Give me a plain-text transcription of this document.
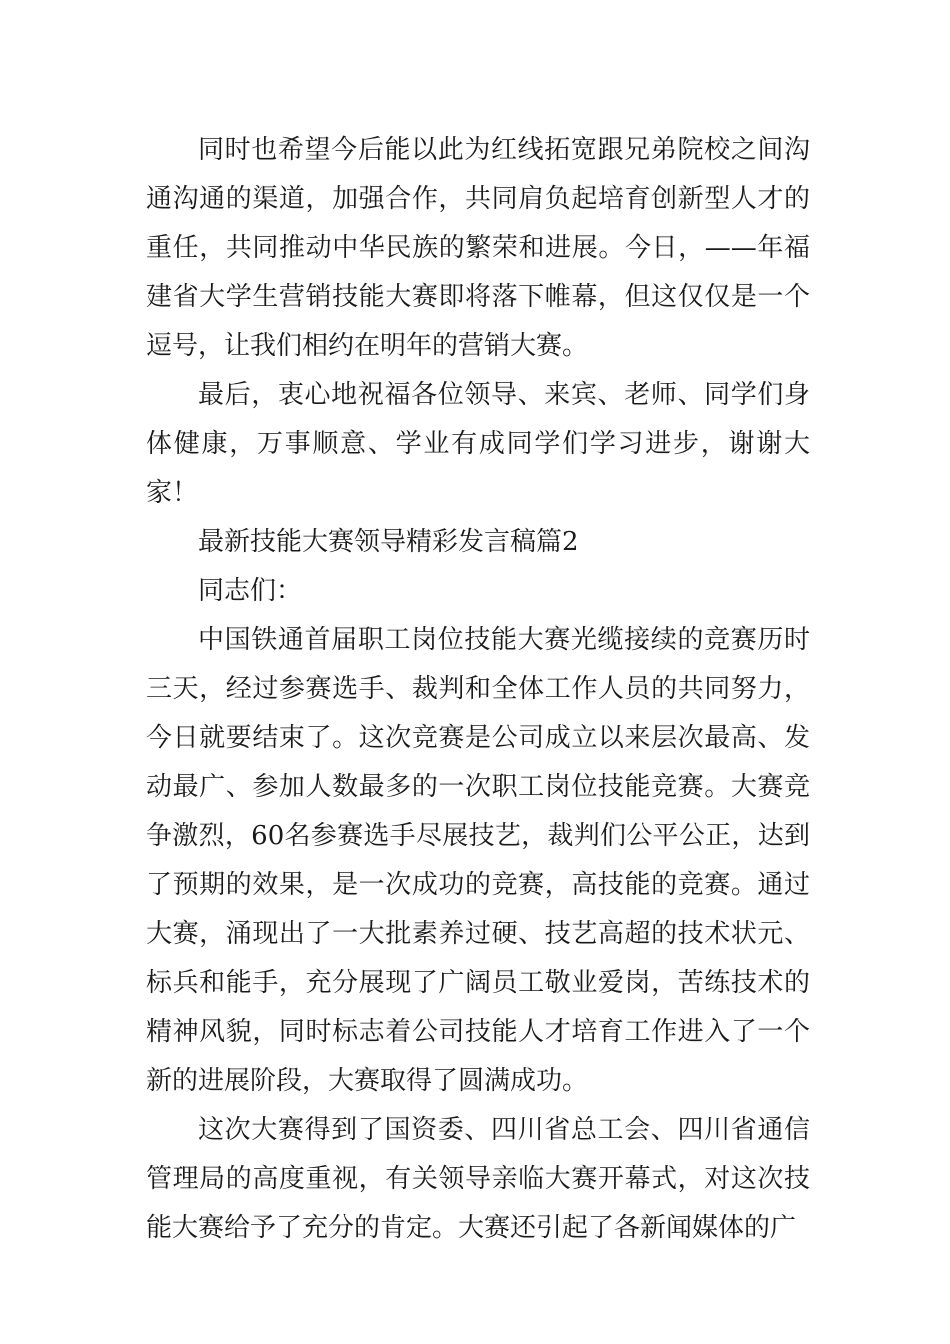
同时也希望今后能以此为红线拓宽跟兄弟院校之间沟通沟通的渠道，加强合作，共同肩负起培育创新型人才的重任，共同推动中华民族的繁荣和进展。今日，——年福建省大学生营销技能大赛即将落下帷幕，但这仅仅是一个逗号，让我们相约在明年的营销大赛。

最后，衷心地祝福各位领导、来宾、老师、同学们身体健康，万事顺意、学业有成同学们学习进步，谢谢大家！

最新技能大赛领导精彩发言稿篇2

同志们：

中国铁通首届职工岗位技能大赛光缆接续的竞赛历时三天，经过参赛选手、裁判和全体工作人员的共同努力，今日就要结束了。这次竞赛是公司成立以来层次最高、发动最广、参加人数最多的一次职工岗位技能竞赛。大赛竞争激烈，60名参赛选手尽展技艺，裁判们公平公正，达到了预期的效果，是一次成功的竞赛，高技能的竞赛。通过大赛，涌现出了一大批素养过硬、技艺高超的技术状元、标兵和能手，充分展现了广阔员工敬业爱岗，苦练技术的精神风貌，同时标志着公司技能人才培育工作进入了一个新的进展阶段，大赛取得了圆满成功。

这次大赛得到了国资委、四川省总工会、四川省通信管理局的高度重视，有关领导亲临大赛开幕式，对这次技能大赛给予了充分的肯定。大赛还引起了各新闻媒体的广
